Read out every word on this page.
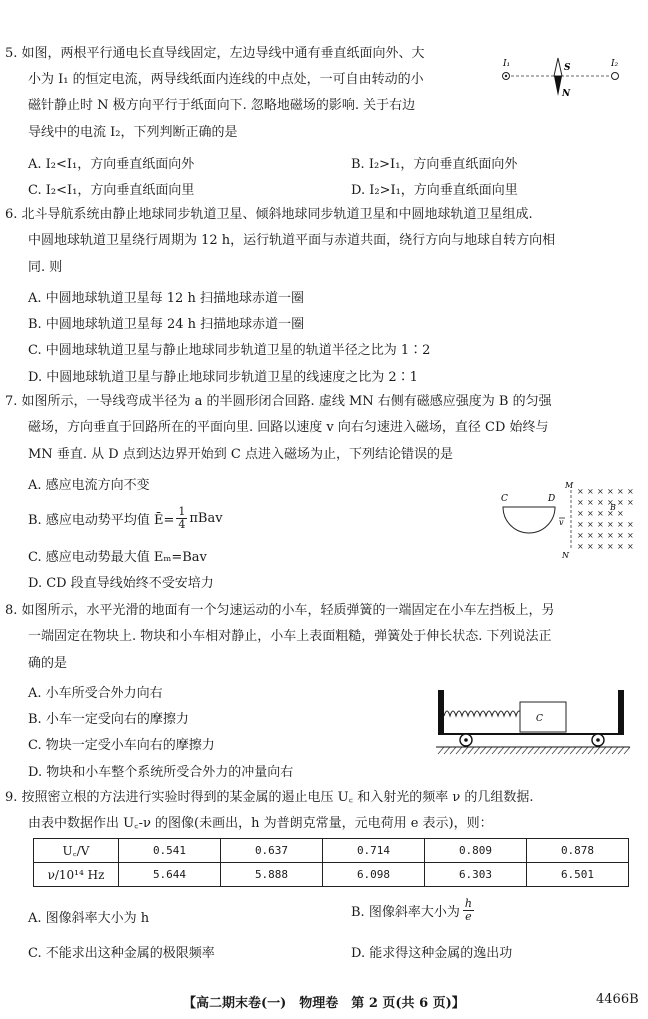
5. 如图，两根平行通电长直导线固定，左边导线中通有垂直纸面向外、大
小为 I₁ 的恒定电流，两导线纸面内连线的中点处，一可自由转动的小
磁针静止时 N 极方向平行于纸面向下. 忽略地磁场的影响. 关于右边
导线中的电流 I₂，下列判断正确的是
A. I₂<I₁，方向垂直纸面向外	B. I₂>I₁，方向垂直纸面向外
C. I₂<I₁，方向垂直纸面向里	D. I₂>I₁，方向垂直纸面向里
I₁	I₂
S
N
6. 北斗导航系统由静止地球同步轨道卫星、倾斜地球同步轨道卫星和中圆地球轨道卫星组成.
中圆地球轨道卫星绕行周期为 12 h，运行轨道平面与赤道共面，绕行方向与地球自转方向相
同. 则
A. 中圆地球轨道卫星每 12 h 扫描地球赤道一圈
B. 中圆地球轨道卫星每 24 h 扫描地球赤道一圈
C. 中圆地球轨道卫星与静止地球同步轨道卫星的轨道半径之比为 1∶2
D. 中圆地球轨道卫星与静止地球同步轨道卫星的线速度之比为 2∶1
7. 如图所示，一导线弯成半径为 a 的半圆形闭合回路. 虚线 MN 右侧有磁感应强度为 B 的匀强
磁场，方向垂直于回路所在的平面向里. 回路以速度 v 向右匀速进入磁场，直径 CD 始终与
MN 垂直. 从 D 点到达边界开始到 C 点进入磁场为止，下列结论错误的是
A. 感应电流方向不变
B. 感应电动势平均值 Ē= $\frac{1}{4}$ πBav
C. 感应电动势最大值 Eₘ=Bav
D. CD 段直导线始终不受安培力
C	D
M
N
v
B
× × × × × ×
× × × × × ×
× × × × ×
× × × × × ×
× × × × × ×
× × × × × ×
8. 如图所示，水平光滑的地面有一个匀速运动的小车，轻质弹簧的一端固定在小车左挡板上，另
一端固定在物块上. 物块和小车相对静止，小车上表面粗糙，弹簧处于伸长状态. 下列说法正
确的是
A. 小车所受合外力向右
B. 小车一定受向右的摩擦力
C. 物块一定受小车向右的摩擦力
D. 物块和小车整个系统所受合外力的冲量向右
C
9. 按照密立根的方法进行实验时得到的某金属的遏止电压 U꜀ 和入射光的频率 ν 的几组数据.
由表中数据作出 U꜀-ν 的图像(未画出，h 为普朗克常量，元电荷用 e 表示)，则：
U꜀/V	0.541	0.637	0.714	0.809	0.878
ν/10¹⁴ Hz	5.644	5.888	6.098	6.303	6.501
A. 图像斜率大小为 h	B. 图像斜率大小为 $\frac{h}{e}$
C. 不能求出这种金属的极限频率	D. 能求得这种金属的逸出功
【高二期末卷(一)　物理卷　第 2 页(共 6 页)】	4466B
